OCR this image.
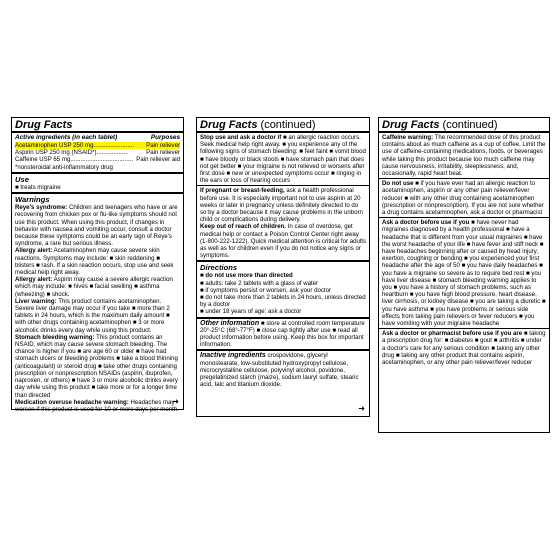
Drug Facts
Active ingredients (in each tablet)	Purposes
Acetaminophen USP 250 mg........................ Pain reliever
Aspirin USP 250 mg (NSAID*)...................	Pain reliever
Caffeine USP 65 mg..................................... Pain reliever aid

*nonsteroidal anti-inflammatory drug

Use
■ treats migraine
Warnings

Reye's syndrome: Children and teenagers who have or are recovering from chicken pox or flu-like symptoms should not use this product. When using this product, if changes in behavior with nausea and vomiting occur, consult a doctor because these symptoms could be an early sign of Reye's syndrome, a rare but serious illness.

Allergy alert: Acetaminophen may cause severe skin reactions. Symptoms may include: ■ skin reddening ■ blisters ■ rash. If a skin reaction occurs, stop use and seek medical help right away.

Allergy alert: Aspirin may cause a severe allergic reaction which may include: ■ hives ■ facial swelling ■ asthma (wheezing) ■ shock.

Liver warning: This product contains acetaminophen. Severe liver damage may occur if you take ■ more than 2 tablets in 24 hours, which is the maximum daily amount ■ with other drugs containing acetaminophen ■ 3 or more alcoholic drinks every day while using this product.

Stomach bleeding warning: This product contains an NSAID, which may cause severe stomach bleeding. The chance is higher if you ■ are age 60 or older ■ have had stomach ulcers or bleeding problems ■ take a blood thinning (anticoagulant) or steroid drug ■ take other drugs containing prescription or nonprescription NSAIDs (aspirin, ibuprofen, naproxen, or others) ■ have 3 or more alcoholic drinks every day while using this product ■ take more or for a longer time than directed

Medication overuse headache warning: Headaches may worsen if this product is used for 10 or more days per month.

➜
Drug Facts (continued)

Stop use and ask a doctor if ■ an allergic reaction occurs. Seek medical help right away. ■ you experience any of the following signs of stomach bleeding: ■ feel faint ■ vomit blood ■ have bloody or black stools ■ have stomach pain that does not get better ■ your migraine is not relieved or worsens after first dose ■ new or unexpected symptoms occur ■ ringing in the ears or loss of hearing occurs

If pregnant or breast-feeding, ask a health professional before use. It is especially important not to use aspirin at 20 weeks or later in pregnancy unless definitely directed to do so by a doctor because it may cause problems in the unborn child or complications during delivery.

Keep out of reach of children. In case of overdose, get medical help or contact a Poison Control Center right away (1-800-222-1222). Quick medical attention is critical for adults as well as for children even if you do not notice any signs or symptoms.

Directions
■ do not use more than directed
■ adults: take 2 tablets with a glass of water
■ if symptoms persist or worsen, ask your doctor
■ do not take more than 2 tablets in 24 hours, unless directed by a doctor
■ under 18 years of age: ask a doctor

Other information ■ store at controlled room temperature 20°-25°C (68°-77°F) ■ close cap tightly after use ■ read all product information before using. Keep this box for important information.

Inactive ingredients crospovidone, glyceryl monostearate, low-substituted hydroxypropyl cellulose, microcrystalline cellulose, polyvinyl alcohol, povidone, pregelatinized starch (maize), sodium lauryl sulfate, stearic acid, talc and titanium dioxide.

➜
Drug Facts (continued)

Caffeine warning: The recommended dose of this product contains about as much caffeine as a cup of coffee. Limit the use of caffeine-containing medications, foods, or beverages while taking this product because too much caffeine may cause nervousness, irritability, sleeplessness, and, occasionally, rapid heart beat.

Do not use ■ if you have ever had an allergic reaction to acetaminophen, aspirin or any other pain reliever/fever reducer ■ with any other drug containing acetaminophen (prescription or nonprescription). If you are not sure whether a drug contains acetaminophen, ask a doctor or pharmacist

Ask a doctor before use if you ■ have never had migraines diagnosed by a health professional ■ have a headache that is different from your usual migraines ■ have the worst headache of your life ■ have fever and stiff neck ■ have headaches beginning after or caused by head injury, exertion, coughing or bending ■ you experienced your first headache after the age of 50 ■ you have daily headaches ■ you have a migraine so severe as to require bed rest ■ you have liver disease ■ stomach bleeding warning applies to you ■ you have a history of stomach problems, such as heartburn ■ you have high blood pressure, heart disease, liver cirrhosis, or kidney disease ■ you are taking a diuretic ■ you have asthma ■ you have problems or serious side effects from taking pain relievers or fever reducers ■ you have vomiting with your migraine headache

Ask a doctor or pharmacist before use if you are ■ taking a prescription drug for: ■ diabetes ■ gout ■ arthritis ■ under a doctor's care for any serious condition ■ taking any other drug ■ taking any other product that contains aspirin, acetaminophen, or any other pain reliever/fever reducer
